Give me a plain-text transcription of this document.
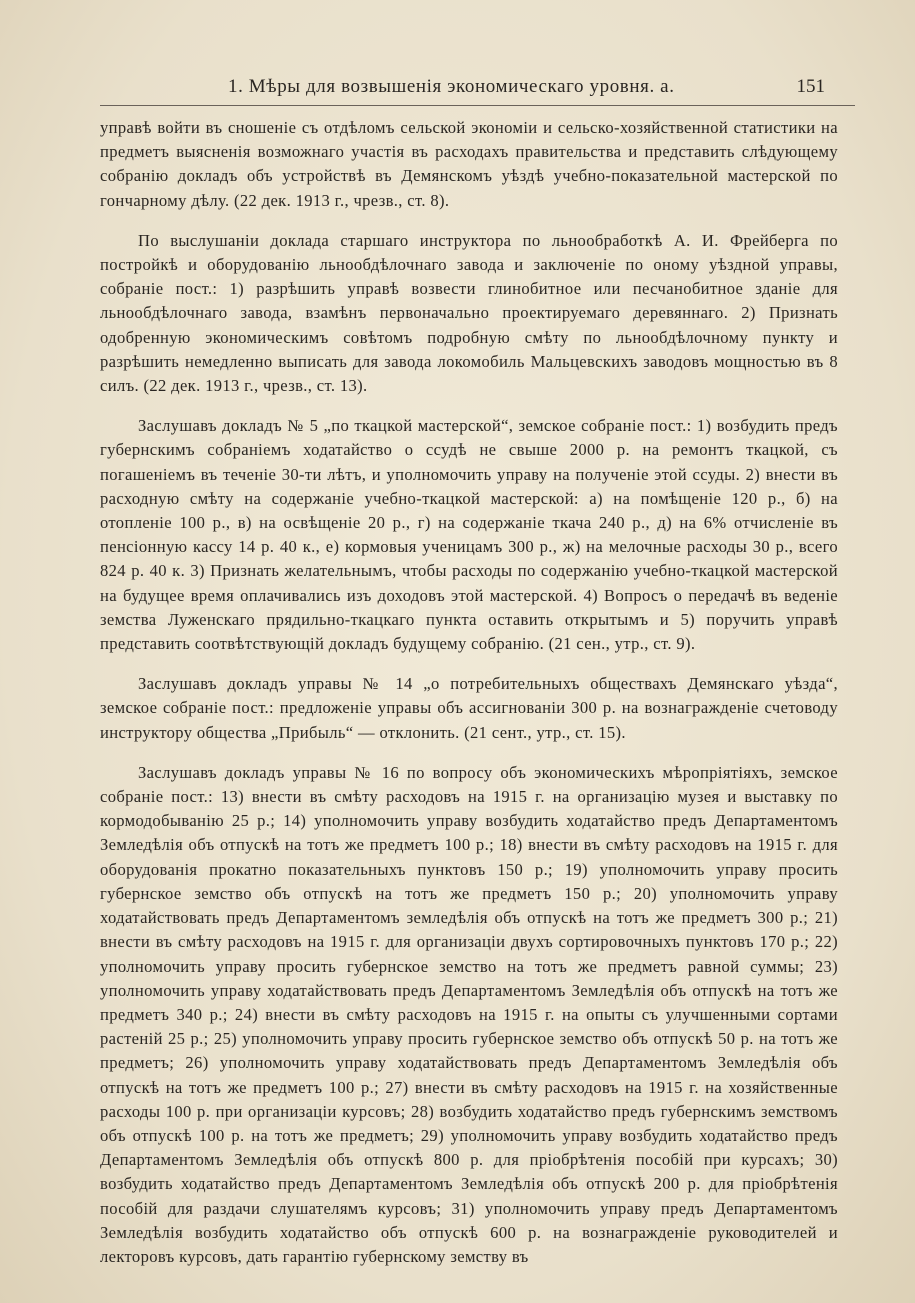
1. Мѣры для возвышенія экономическаго уровня. а.	151

управѣ войти въ сношеніе съ отдѣломъ сельской экономіи и сельско-хозяйственной статистики на предметъ выясненія возможнаго участія въ расходахъ правительства и представить слѣдующему собранію докладъ объ устройствѣ въ Демянскомъ уѣздѣ учебно-показательной мастерской по гончарному дѣлу. (22 дек. 1913 г., чрезв., ст. 8).

По выслушаніи доклада старшаго инструктора по льнообработкѣ А. И. Фрейберга по постройкѣ и оборудованію льнообдѣлочнаго завода и заключеніе по оному уѣздной управы, собраніе пост.: 1) разрѣшить управѣ возвести глинобитное или песчанобитное зданіе для льнообдѣлочнаго завода, взамѣнъ первоначально проектируемаго деревяннаго. 2) Признать одобренную экономическимъ совѣтомъ подробную смѣту по льнообдѣлочному пункту и разрѣшить немедленно выписать для завода локомобиль Мальцевскихъ заводовъ мощностью въ 8 силъ. (22 дек. 1913 г., чрезв., ст. 13).

Заслушавъ докладъ № 5 „по ткацкой мастерской“, земское собраніе пост.: 1) возбудить предъ губернскимъ собраніемъ ходатайство о ссудѣ не свыше 2000 р. на ремонтъ ткацкой, съ погашеніемъ въ теченіе 30-ти лѣтъ, и уполномочить управу на полученіе этой ссуды. 2) внести въ расходную смѣту на содержаніе учебно-ткацкой мастерской: а) на помѣщеніе 120 р., б) на отопленіе 100 р., в) на освѣщеніе 20 р., г) на содержаніе ткача 240 р., д) на 6% отчисленіе въ пенсіонную кассу 14 р. 40 к., е) кормовыя ученицамъ 300 р., ж) на мелочные расходы 30 р., всего 824 р. 40 к. 3) Признать желательнымъ, чтобы расходы по содержанію учебно-ткацкой мастерской на будущее время оплачивались изъ доходовъ этой мастерской. 4) Вопросъ о передачѣ въ веденіе земства Луженскаго прядильно-ткацкаго пункта оставить открытымъ и 5) поручить управѣ представить соотвѣтствующій докладъ будущему собранію. (21 сен., утр., ст. 9).

Заслушавъ докладъ управы № 14 „о потребительныхъ обществахъ Демянскаго уѣзда“, земское собраніе пост.: предложеніе управы объ ассигнованіи 300 р. на вознагражденіе счетоводу инструктору общества „Прибыль“ — отклонить. (21 сент., утр., ст. 15).

Заслушавъ докладъ управы № 16 по вопросу объ экономическихъ мѣропріятіяхъ, земское собраніе пост.: 13) внести въ смѣту расходовъ на 1915 г. на организацію музея и выставку по кормодобыванію 25 р.; 14) уполномочить управу возбудить ходатайство предъ Департаментомъ Земледѣлія объ отпускѣ на тотъ же предметъ 100 р.; 18) внести въ смѣту расходовъ на 1915 г. для оборудованія прокатно показательныхъ пунктовъ 150 р.; 19) уполномочить управу просить губернское земство объ отпускѣ на тотъ же предметъ 150 р.; 20) уполномочить управу ходатайствовать предъ Департаментомъ земледѣлія объ отпускѣ на тотъ же предметъ 300 р.; 21) внести въ смѣту расходовъ на 1915 г. для организаціи двухъ сортировочныхъ пунктовъ 170 р.; 22) уполномочить управу просить губернское земство на тотъ же предметъ равной суммы; 23) уполномочить управу ходатайствовать предъ Департаментомъ Земледѣлія объ отпускѣ на тотъ же предметъ 340 р.; 24) внести въ смѣту расходовъ на 1915 г. на опыты съ улучшенными сортами растеній 25 р.; 25) уполномочить управу просить губернское земство объ отпускѣ 50 р. на тотъ же предметъ; 26) уполномочить управу ходатайствовать предъ Департаментомъ Земледѣлія объ отпускѣ на тотъ же предметъ 100 р.; 27) внести въ смѣту расходовъ на 1915 г. на хозяйственные расходы 100 р. при организаціи курсовъ; 28) возбудить ходатайство предъ губернскимъ земствомъ объ отпускѣ 100 р. на тотъ же предметъ; 29) уполномочить управу возбудить ходатайство предъ Департаментомъ Земледѣлія объ отпускѣ 800 р. для пріобрѣтенія пособій при курсахъ; 30) возбудить ходатайство предъ Департаментомъ Земледѣлія объ отпускѣ 200 р. для пріобрѣтенія пособій для раздачи слушателямъ курсовъ; 31) уполномочить управу предъ Департаментомъ Земледѣлія возбудить ходатайство объ отпускѣ 600 р. на вознагражденіе руководителей и лекторовъ курсовъ, дать гарантію губернскому земству въ
